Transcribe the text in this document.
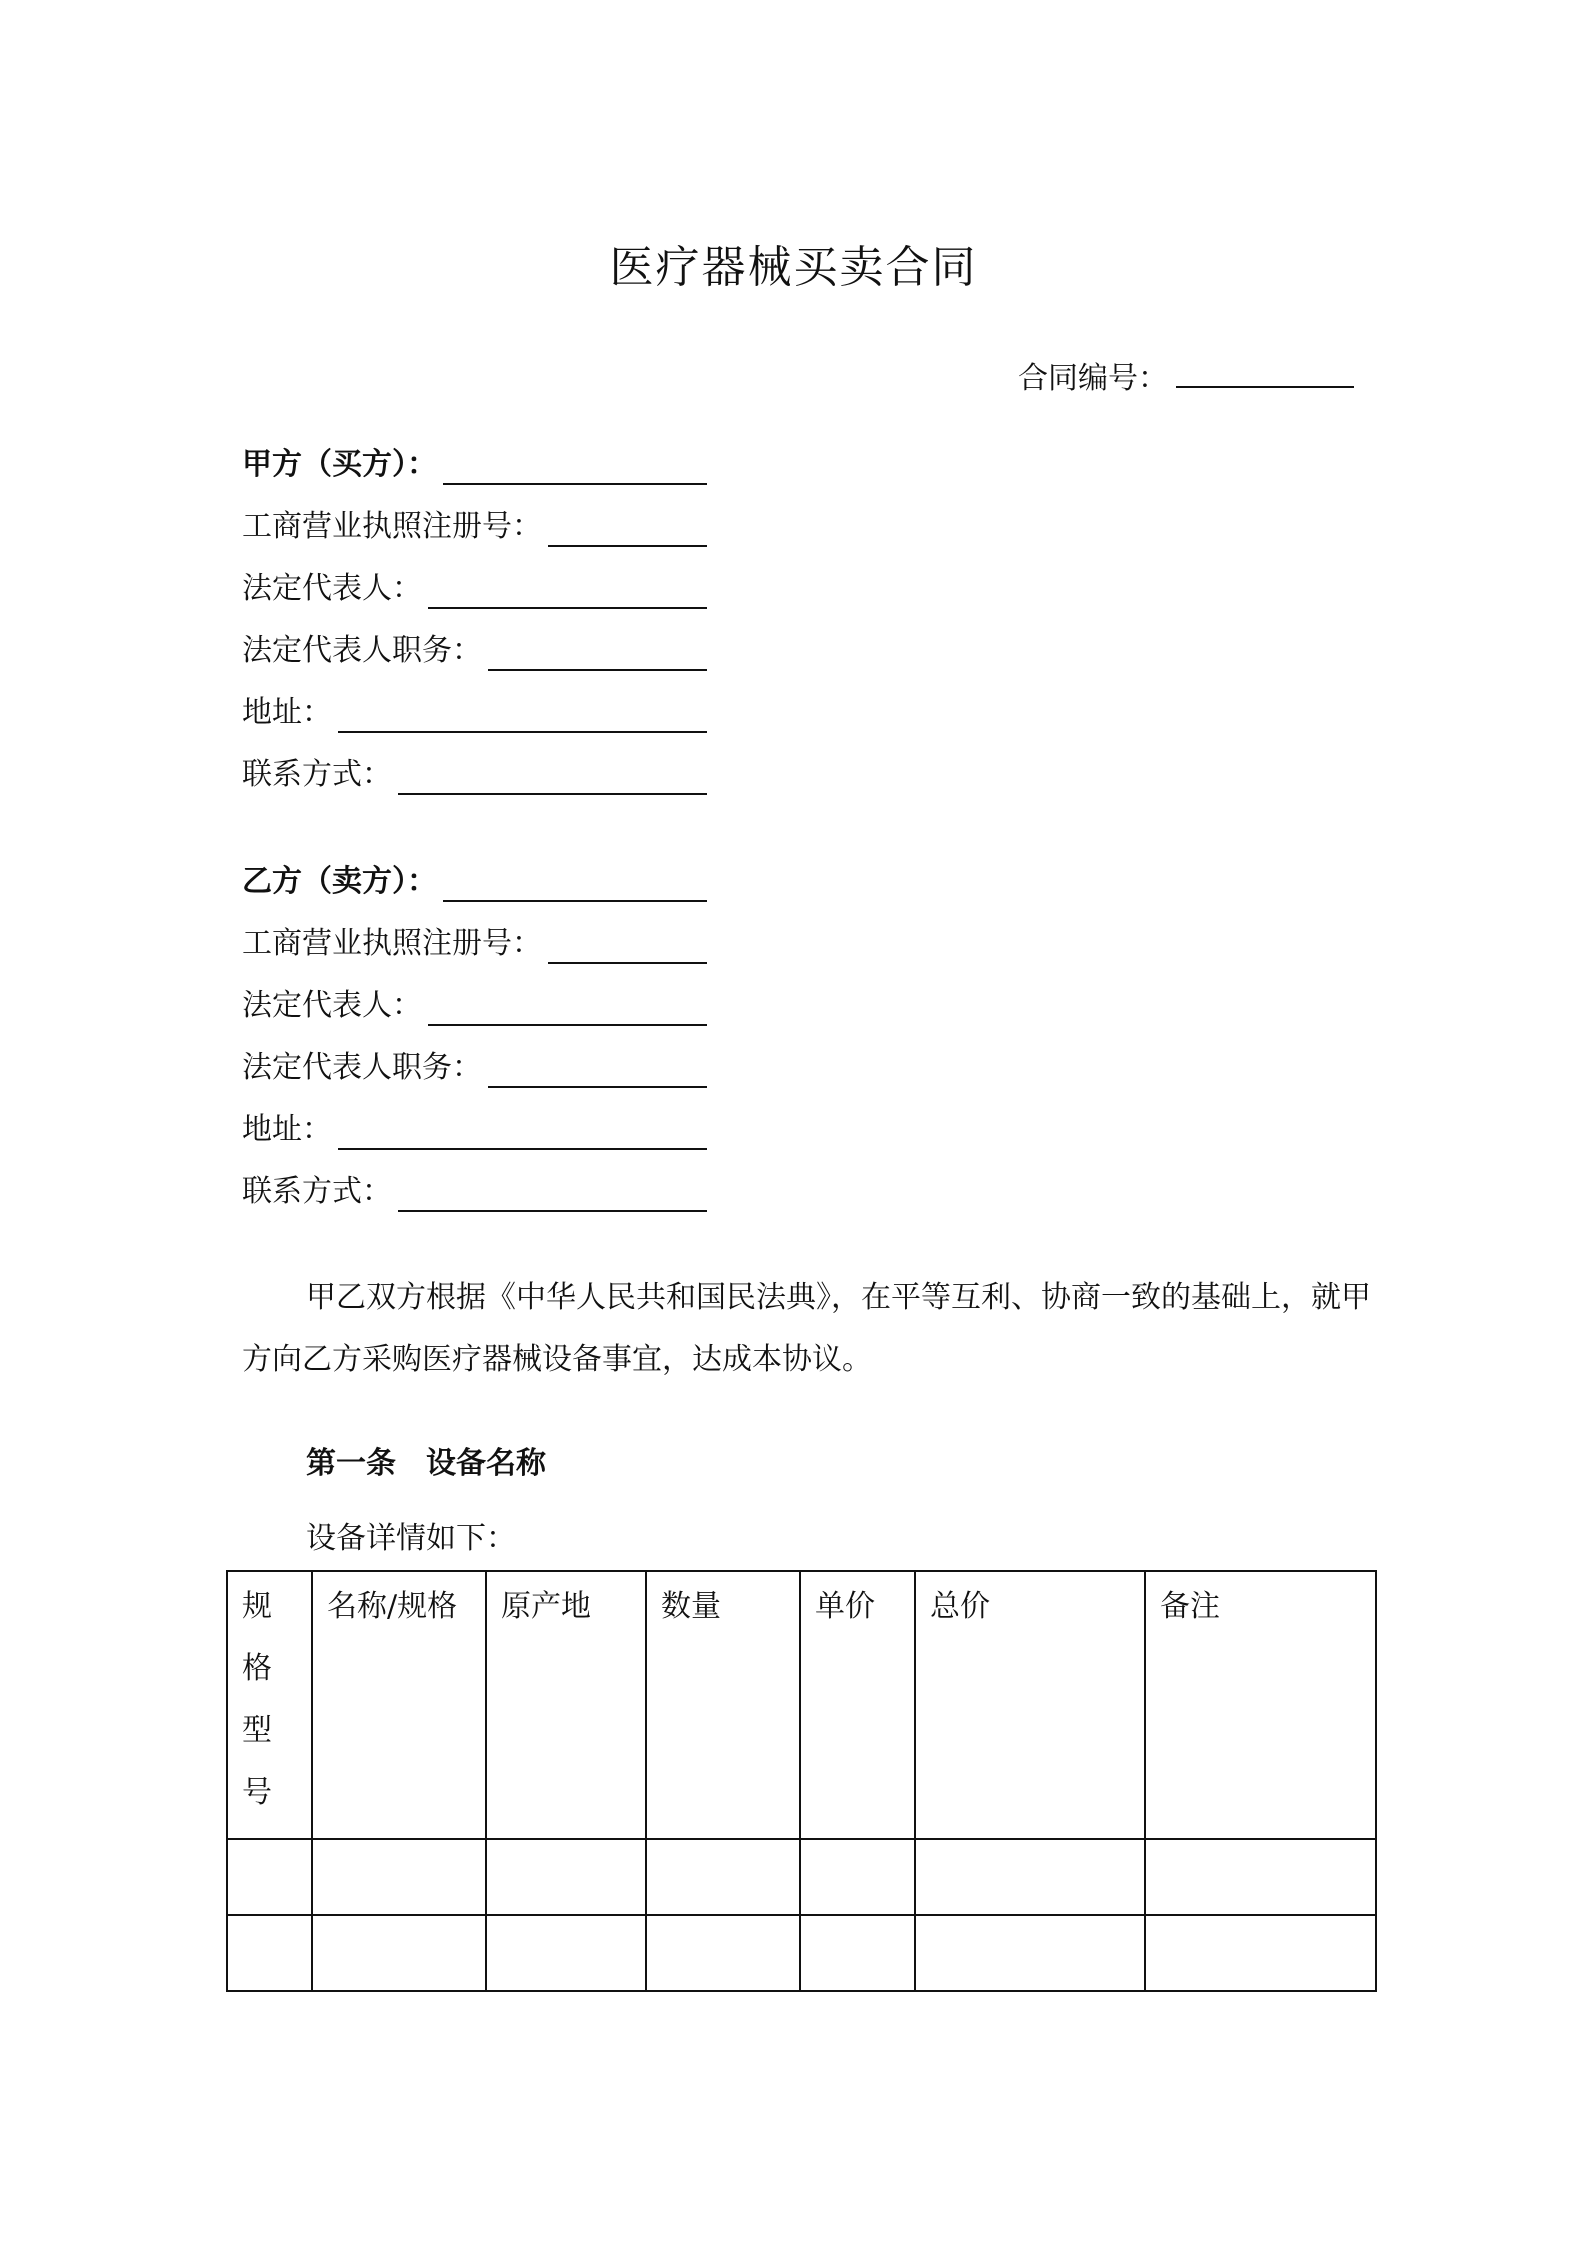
医疗器械买卖合同
合同编号：
甲方（买方）：
工商营业执照注册号：
法定代表人：
法定代表人职务：
地址：
联系方式：
乙方（卖方）：
工商营业执照注册号：
法定代表人：
法定代表人职务：
地址：
联系方式：
甲乙双方根据《中华人民共和国民法典》，在平等互利、协商一致的基础上，就甲方向乙方采购医疗器械设备事宜，达成本协议。
第一条　设备名称
设备详情如下：
规格型号	名称/规格	原产地	数量	单价	总价	备注
